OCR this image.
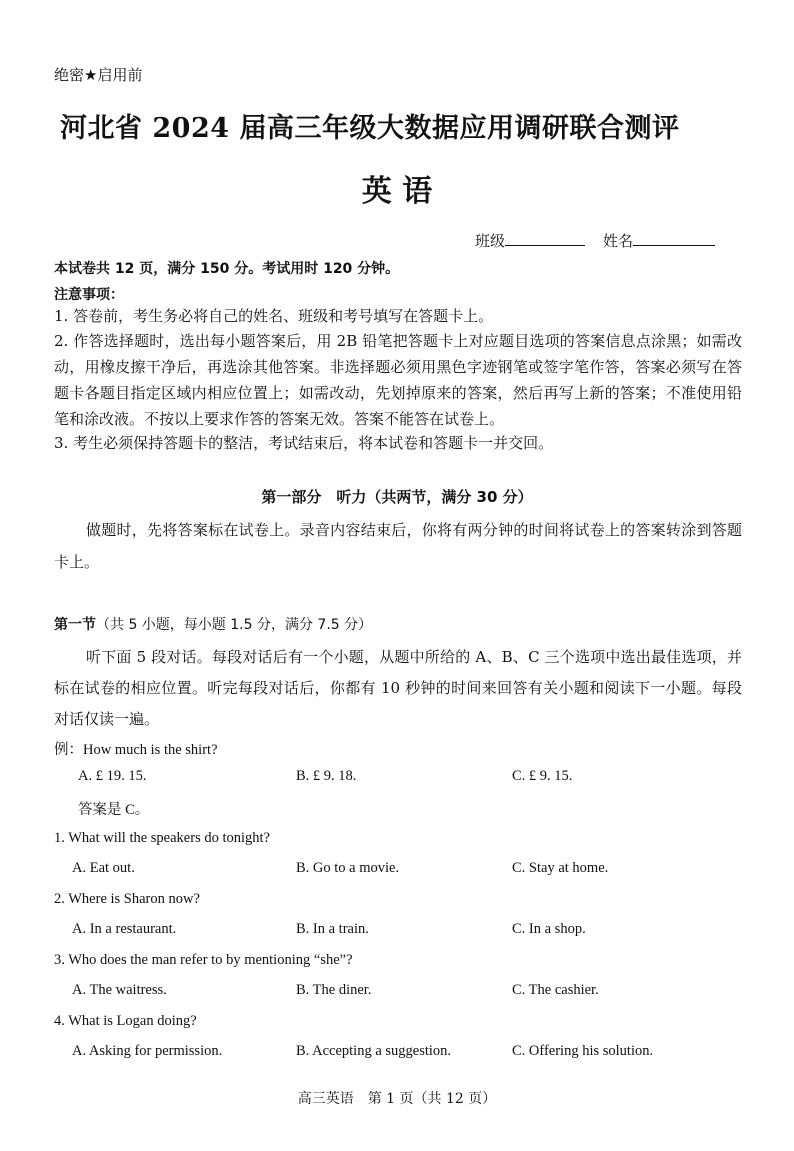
绝密★启用前
河北省 2024 届高三年级大数据应用调研联合测评
英 语
班级	姓名
本试卷共 12 页，满分 150 分。考试用时 120 分钟。
注意事项：
1. 答卷前，考生务必将自己的姓名、班级和考号填写在答题卡上。
2. 作答选择题时，选出每小题答案后，用 2B 铅笔把答题卡上对应题目选项的答案信息点涂黑；如需改动，用橡皮擦干净后，再选涂其他答案。非选择题必须用黑色字迹钢笔或签字笔作答，答案必须写在答题卡各题目指定区域内相应位置上；如需改动，先划掉原来的答案，然后再写上新的答案；不准使用铅笔和涂改液。不按以上要求作答的答案无效。答案不能答在试卷上。
3. 考生必须保持答题卡的整洁，考试结束后，将本试卷和答题卡一并交回。
第一部分　听力（共两节，满分 30 分）
做题时，先将答案标在试卷上。录音内容结束后，你将有两分钟的时间将试卷上的答案转涂到答题卡上。
第一节（共 5 小题，每小题 1.5 分，满分 7.5 分）
听下面 5 段对话。每段对话后有一个小题，从题中所给的 A、B、C 三个选项中选出最佳选项，并标在试卷的相应位置。听完每段对话后，你都有 10 秒钟的时间来回答有关小题和阅读下一小题。每段对话仅读一遍。
例：How much is the shirt?
A. £ 19. 15.	B. £ 9. 18.	C. £ 9. 15.
答案是 C。
1. What will the speakers do tonight?
A. Eat out.	B. Go to a movie.	C. Stay at home.
2. Where is Sharon now?
A. In a restaurant.	B. In a train.	C. In a shop.
3. Who does the man refer to by mentioning “she”?
A. The waitress.	B. The diner.	C. The cashier.
4. What is Logan doing?
A. Asking for permission.	B. Accepting a suggestion.	C. Offering his solution.
高三英语　第 1 页（共 12 页）
